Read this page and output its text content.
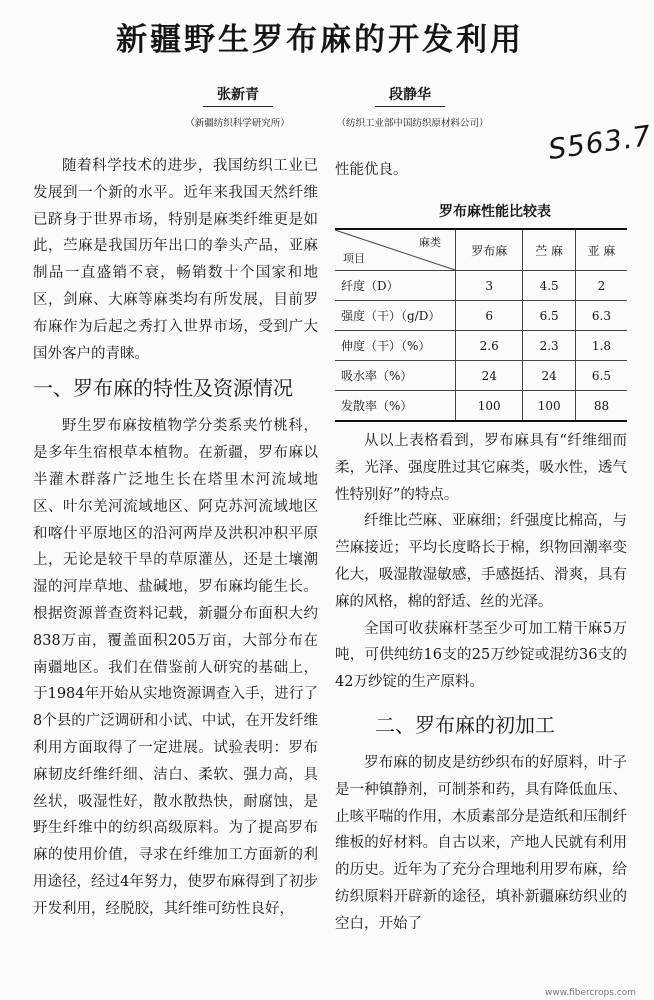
新疆野生罗布麻的开发利用
张新青
（新疆纺织科学研究所）
段静华
（纺织工业部中国纺织原材料公司）	S563.7

随着科学技术的进步，我国纺织工业已发展到一个新的水平。近年来我国天然纤维已跻身于世界市场，特别是麻类纤维更是如此，苎麻是我国历年出口的拳头产品，亚麻制品一直盛销不衰，畅销数十个国家和地区，剑麻、大麻等麻类均有所发展，目前罗布麻作为后起之秀打入世界市场，受到广大国外客户的青睐。

一、罗布麻的特性及资源情况

野生罗布麻按植物学分类系夹竹桃科，是多年生宿根草本植物。在新疆，罗布麻以半灌木群落广泛地生长在塔里木河流域地区、叶尔羌河流域地区、阿克苏河流域地区和喀什平原地区的沿河两岸及洪积冲积平原上，无论是较干旱的草原灌丛，还是土壤潮湿的河岸草地、盐碱地，罗布麻均能生长。根据资源普查资料记载，新疆分布面积大约838万亩，覆盖面积205万亩，大部分布在南疆地区。我们在借鉴前人研究的基础上，于1984年开始从实地资源调查入手，进行了8个县的广泛调研和小试、中试，在开发纤维利用方面取得了一定进展。试验表明：罗布麻韧皮纤维纤细、洁白、柔软、强力高，具丝状，吸湿性好，散水散热快，耐腐蚀，是野生纤维中的纺织高级原料。为了提高罗布麻的使用价值，寻求在纤维加工方面新的利用途径，经过4年努力，使罗布麻得到了初步开发利用，经脱胶，其纤维可纺性良好，

性能优良。
罗布麻性能比较表
麻类
项目	罗布麻	苎 麻	亚 麻
纤度（D）	3	4.5	2
强度（干）（g/D）	6	6.5	6.3
伸度（干）（%）	2.6	2.3	1.8
吸水率（%）	24	24	6.5
发散率（%）	100	100	88

从以上表格看到，罗布麻具有“纤维细而柔，光泽、强度胜过其它麻类，吸水性，透气性特别好”的特点。

纤维比苎麻、亚麻细；纤强度比棉高，与苎麻接近；平均长度略长于棉，织物回潮率变化大，吸湿散湿敏感，手感挺括、滑爽，具有麻的风格，棉的舒适、丝的光泽。

全国可收获麻杆茎至少可加工精干麻5万吨，可供纯纺16支的25万纱锭或混纺36支的42万纱锭的生产原料。

二、罗布麻的初加工

罗布麻的韧皮是纺纱织布的好原料，叶子是一种镇静剂，可制茶和药，具有降低血压、止咳平喘的作用，木质素部分是造纸和压制纤维板的好材料。自古以来，产地人民就有利用的历史。近年为了充分合理地利用罗布麻，给纺织原料开辟新的途径，填补新疆麻纺织业的空白，开始了

www.fibercrops.com
